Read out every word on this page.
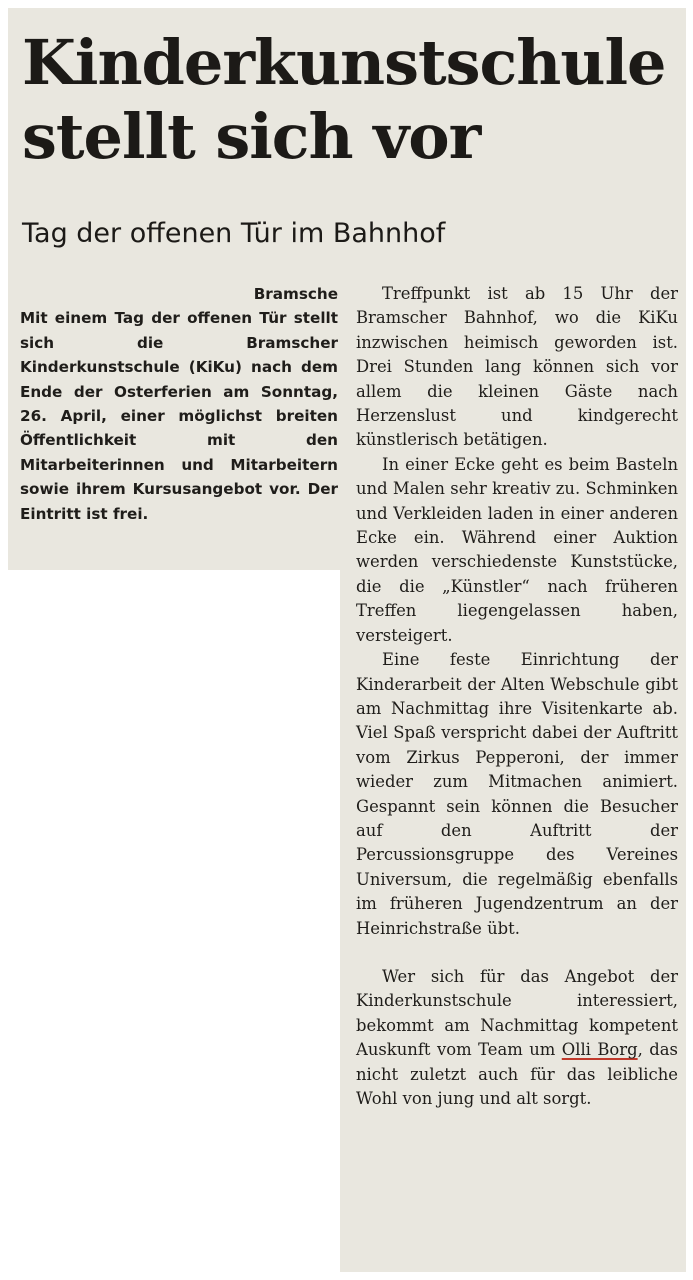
Kinderkunstschule stellt sich vor
Tag der offenen Tür im Bahnhof
Bramsche
Mit einem Tag der offenen Tür stellt sich die Bramscher Kinderkunstschule (KiKu) nach dem Ende der Osterferien am Sonntag, 26. April, einer möglichst breiten Öffentlichkeit mit den Mitarbeiterinnen und Mitarbeitern sowie ihrem Kursusangebot vor. Der Eintritt ist frei.

Treffpunkt ist ab 15 Uhr der Bramscher Bahnhof, wo die KiKu inzwischen heimisch geworden ist. Drei Stunden lang können sich vor allem die kleinen Gäste nach Herzenslust und kindgerecht künstlerisch betätigen.

In einer Ecke geht es beim Basteln und Malen sehr kreativ zu. Schminken und Verkleiden laden in einer anderen Ecke ein. Während einer Auktion werden verschiedenste Kunststücke, die die „Künstler“ nach früheren Treffen liegengelassen haben, versteigert.

Eine feste Einrichtung der Kinderarbeit der Alten Webschule gibt am Nachmittag ihre Visitenkarte ab. Viel Spaß verspricht dabei der Auftritt vom Zirkus Pepperoni, der immer wieder zum Mitmachen animiert. Gespannt sein können die Besucher auf den Auftritt der Percussionsgruppe des Vereines Universum, die regelmäßig ebenfalls im früheren Jugendzentrum an der Heinrichstraße übt.

Wer sich für das Angebot der Kinderkunstschule interessiert, bekommt am Nachmittag kompetent Auskunft vom Team um Olli Borg, das nicht zuletzt auch für das leibliche Wohl von jung und alt sorgt.
